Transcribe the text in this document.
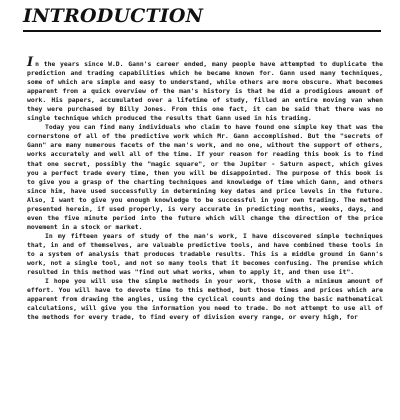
INTRODUCTION

In the years since W.D. Gann's career ended, many people have attempted to duplicate the prediction and trading capabilities which he became known for. Gann used many techniques, some of which are simple and easy to understand, while others are more obscure. What becomes apparent from a quick overview of the man's history is that he did a prodigious amount of work. His papers, accumulated over a lifetime of study, filled an entire moving van when they were purchased by Billy Jones. From this one fact, it can be said that there was no single technique which produced the results that Gann used in his trading.

Today you can find many individuals who claim to have found one simple key that was the cornerstone of all of the predictive work which Mr. Gann accomplished. But the "secrets of Gann" are many numerous facets of the man's work, and no one, without the support of others, works accurately and well all of the time. If your reason for reading this book is to find that one secret, possibly the "magic square", or the Jupiter - Saturn aspect, which gives you a perfect trade every time, then you will be disappointed. The purpose of this book is to give you a grasp of the charting techniques and knowledge of time which Gann, and others since him, have used successfully in determining key dates and price levels in the future. Also, I want to give you enough knowledge to be successful in your own trading. The method presented herein, if used properly, is very accurate in predicting months, weeks, days, and even the five minute period into the future which will change the direction of the price movement in a stock or market.

In my fifteen years of study of the man's work, I have discovered simple techniques that, in and of themselves, are valuable predictive tools, and have combined these tools in to a system of analysis that produces tradable results. This is a middle ground in Gann's work, not a single tool, and not so many tools that it becomes confusing. The premise which resulted in this method was "find out what works, when to apply it, and then use it".

I hope you will use the simple methods in your work, those with a minimum amount of effort. You will have to devote time to this method, but those times and prices which are apparent from drawing the angles, using the cyclical counts and doing the basic mathematical calculations, will give you the information you need to trade. Do not attempt to use all of the methods for every trade, to find every of division every range, or every high, for
